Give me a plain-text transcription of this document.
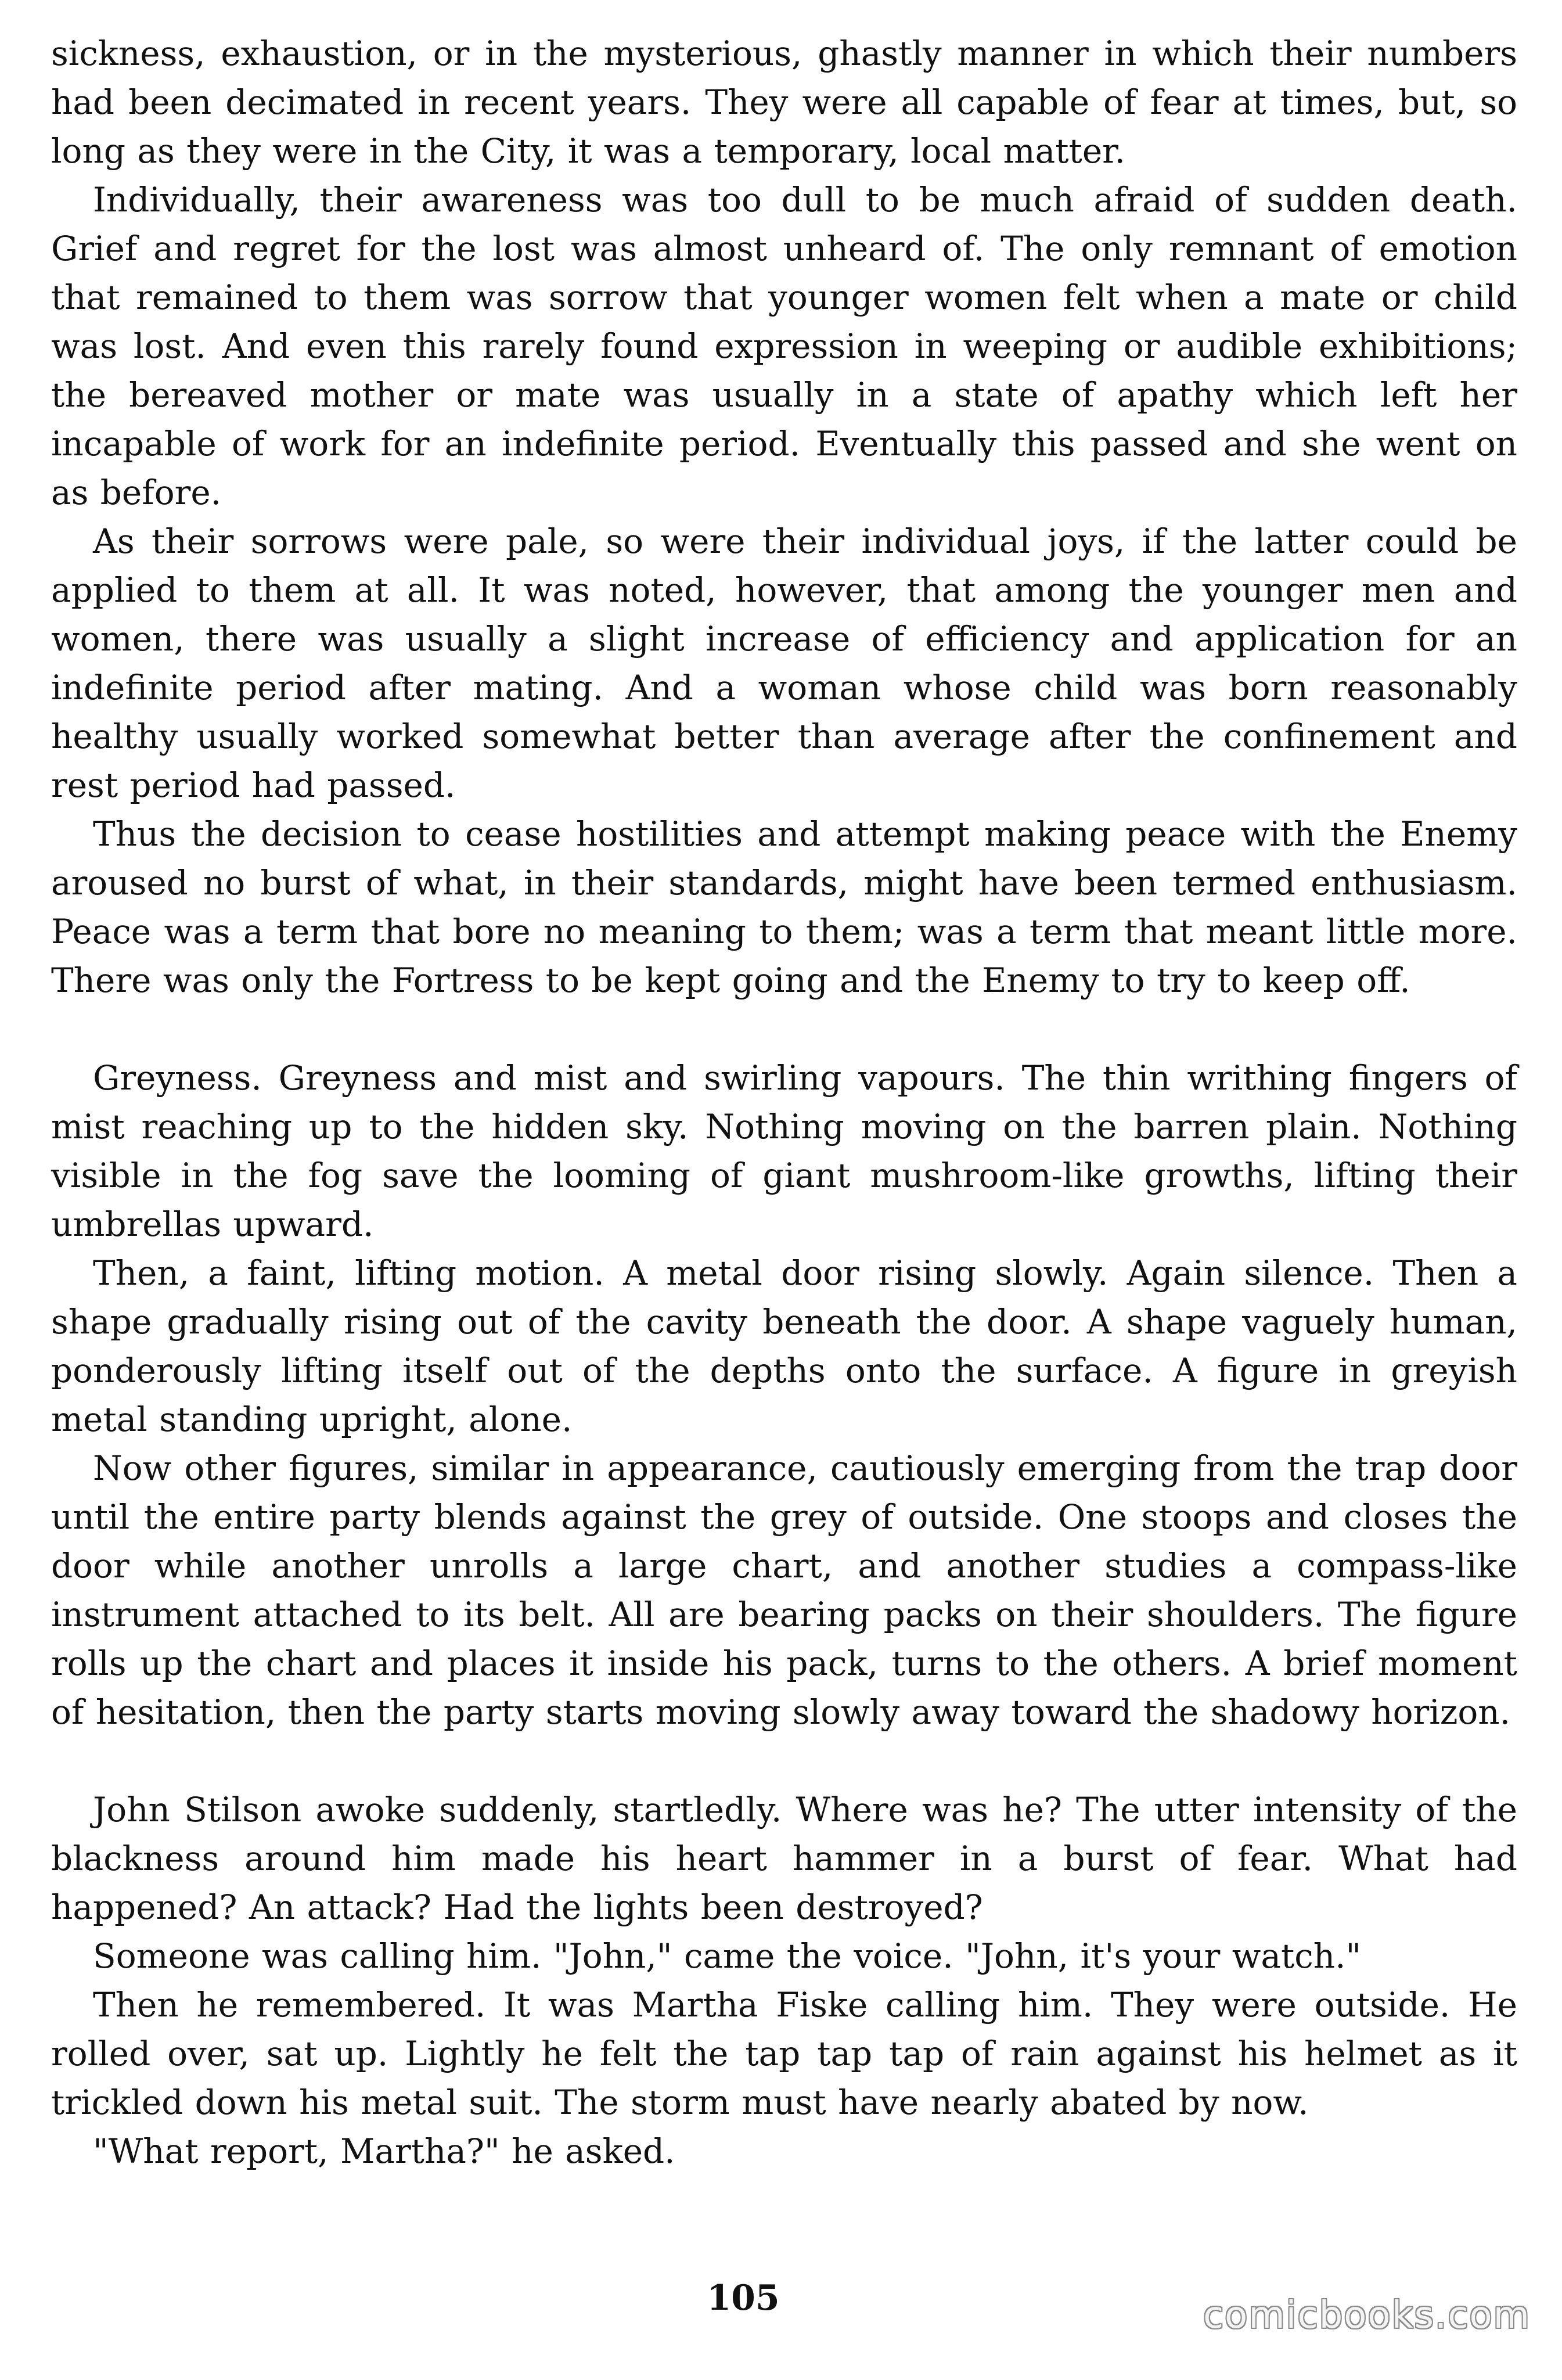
sickness, exhaustion, or in the mysterious, ghastly manner in which their numbers had been decimated in recent years. They were all capable of fear at times, but, so long as they were in the City, it was a temporary, local matter.

Individually, their awareness was too dull to be much afraid of sudden death. Grief and regret for the lost was almost unheard of. The only remnant of emotion that remained to them was sorrow that younger women felt when a mate or child was lost. And even this rarely found expression in weeping or audible exhibitions; the bereaved mother or mate was usually in a state of apathy which left her incapable of work for an indefinite period. Eventually this passed and she went on as before.

As their sorrows were pale, so were their individual joys, if the latter could be applied to them at all. It was noted, however, that among the younger men and women, there was usually a slight increase of efficiency and application for an indefinite period after mating. And a woman whose child was born reasonably healthy usually worked somewhat better than average after the confinement and rest period had passed.

Thus the decision to cease hostilities and attempt making peace with the Enemy aroused no burst of what, in their standards, might have been termed enthusiasm. Peace was a term that bore no meaning to them; was a term that meant little more. There was only the Fortress to be kept going and the Enemy to try to keep off.

Greyness. Greyness and mist and swirling vapours. The thin writhing fingers of mist reaching up to the hidden sky. Nothing moving on the barren plain. Nothing visible in the fog save the looming of giant mushroom-like growths, lifting their umbrellas upward.

Then, a faint, lifting motion. A metal door rising slowly. Again silence. Then a shape gradually rising out of the cavity beneath the door. A shape vaguely human, ponderously lifting itself out of the depths onto the surface. A figure in greyish metal standing upright, alone.

Now other figures, similar in appearance, cautiously emerging from the trap door until the entire party blends against the grey of outside. One stoops and closes the door while another unrolls a large chart, and another studies a compass-like instrument attached to its belt. All are bearing packs on their shoulders. The figure rolls up the chart and places it inside his pack, turns to the others. A brief moment of hesitation, then the party starts moving slowly away toward the shadowy horizon.

John Stilson awoke suddenly, startledly. Where was he? The utter intensity of the blackness around him made his heart hammer in a burst of fear. What had happened? An attack? Had the lights been destroyed?

Someone was calling him. "John," came the voice. "John, it's your watch."

Then he remembered. It was Martha Fiske calling him. They were outside. He rolled over, sat up. Lightly he felt the tap tap tap of rain against his helmet as it trickled down his metal suit. The storm must have nearly abated by now.

"What report, Martha?" he asked.

105	comicbooks.com
